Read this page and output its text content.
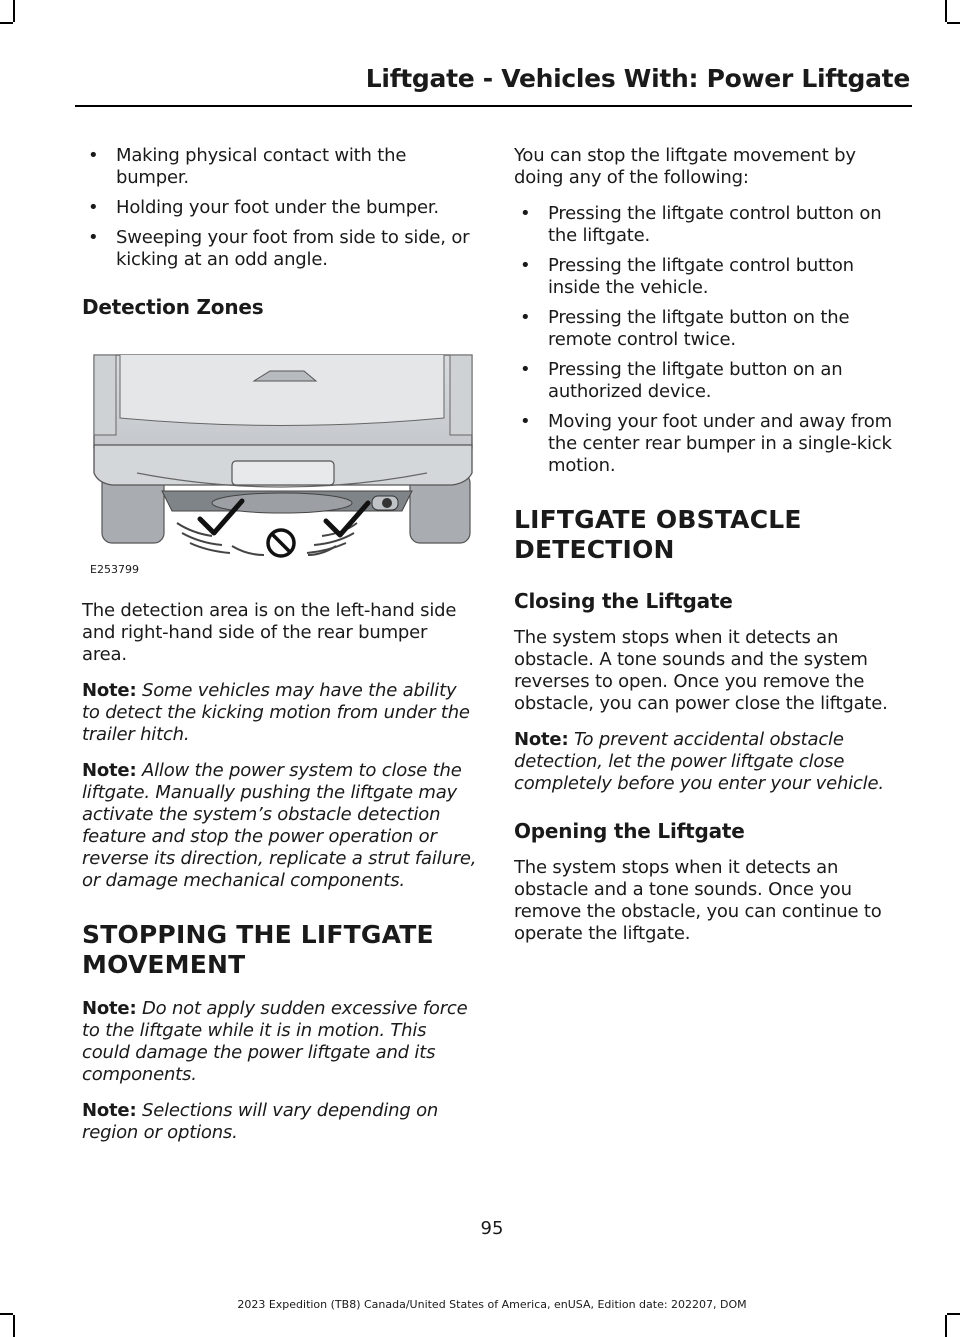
Liftgate - Vehicles With: Power Liftgate
• Making physical contact with the bumper.
• Holding your foot under the bumper.
• Sweeping your foot from side to side, or kicking at an odd angle.
Detection Zones
E253799

The detection area is on the left-hand side and right-hand side of the rear bumper area.

Note: Some vehicles may have the ability to detect the kicking motion from under the trailer hitch.

Note: Allow the power system to close the liftgate. Manually pushing the liftgate may activate the system’s obstacle detection feature and stop the power operation or reverse its direction, replicate a strut failure, or damage mechanical components.

STOPPING THE LIFTGATE
MOVEMENT

Note: Do not apply sudden excessive force to the liftgate while it is in motion. This could damage the power liftgate and its components.

Note: Selections will vary depending on region or options.

You can stop the liftgate movement by doing any of the following:

• Pressing the liftgate control button on the liftgate.
• Pressing the liftgate control button inside the vehicle.
• Pressing the liftgate button on the remote control twice.
• Pressing the liftgate button on an authorized device.
• Moving your foot under and away from the center rear bumper in a single-kick motion.
LIFTGATE OBSTACLE
DETECTION
Closing the Liftgate

The system stops when it detects an obstacle. A tone sounds and the system reverses to open. Once you remove the obstacle, you can power close the liftgate.

Note: To prevent accidental obstacle detection, let the power liftgate close completely before you enter your vehicle.

Opening the Liftgate

The system stops when it detects an obstacle and a tone sounds. Once you remove the obstacle, you can continue to operate the liftgate.

95
2023 Expedition (TB8) Canada/United States of America, enUSA, Edition date: 202207, DOM
